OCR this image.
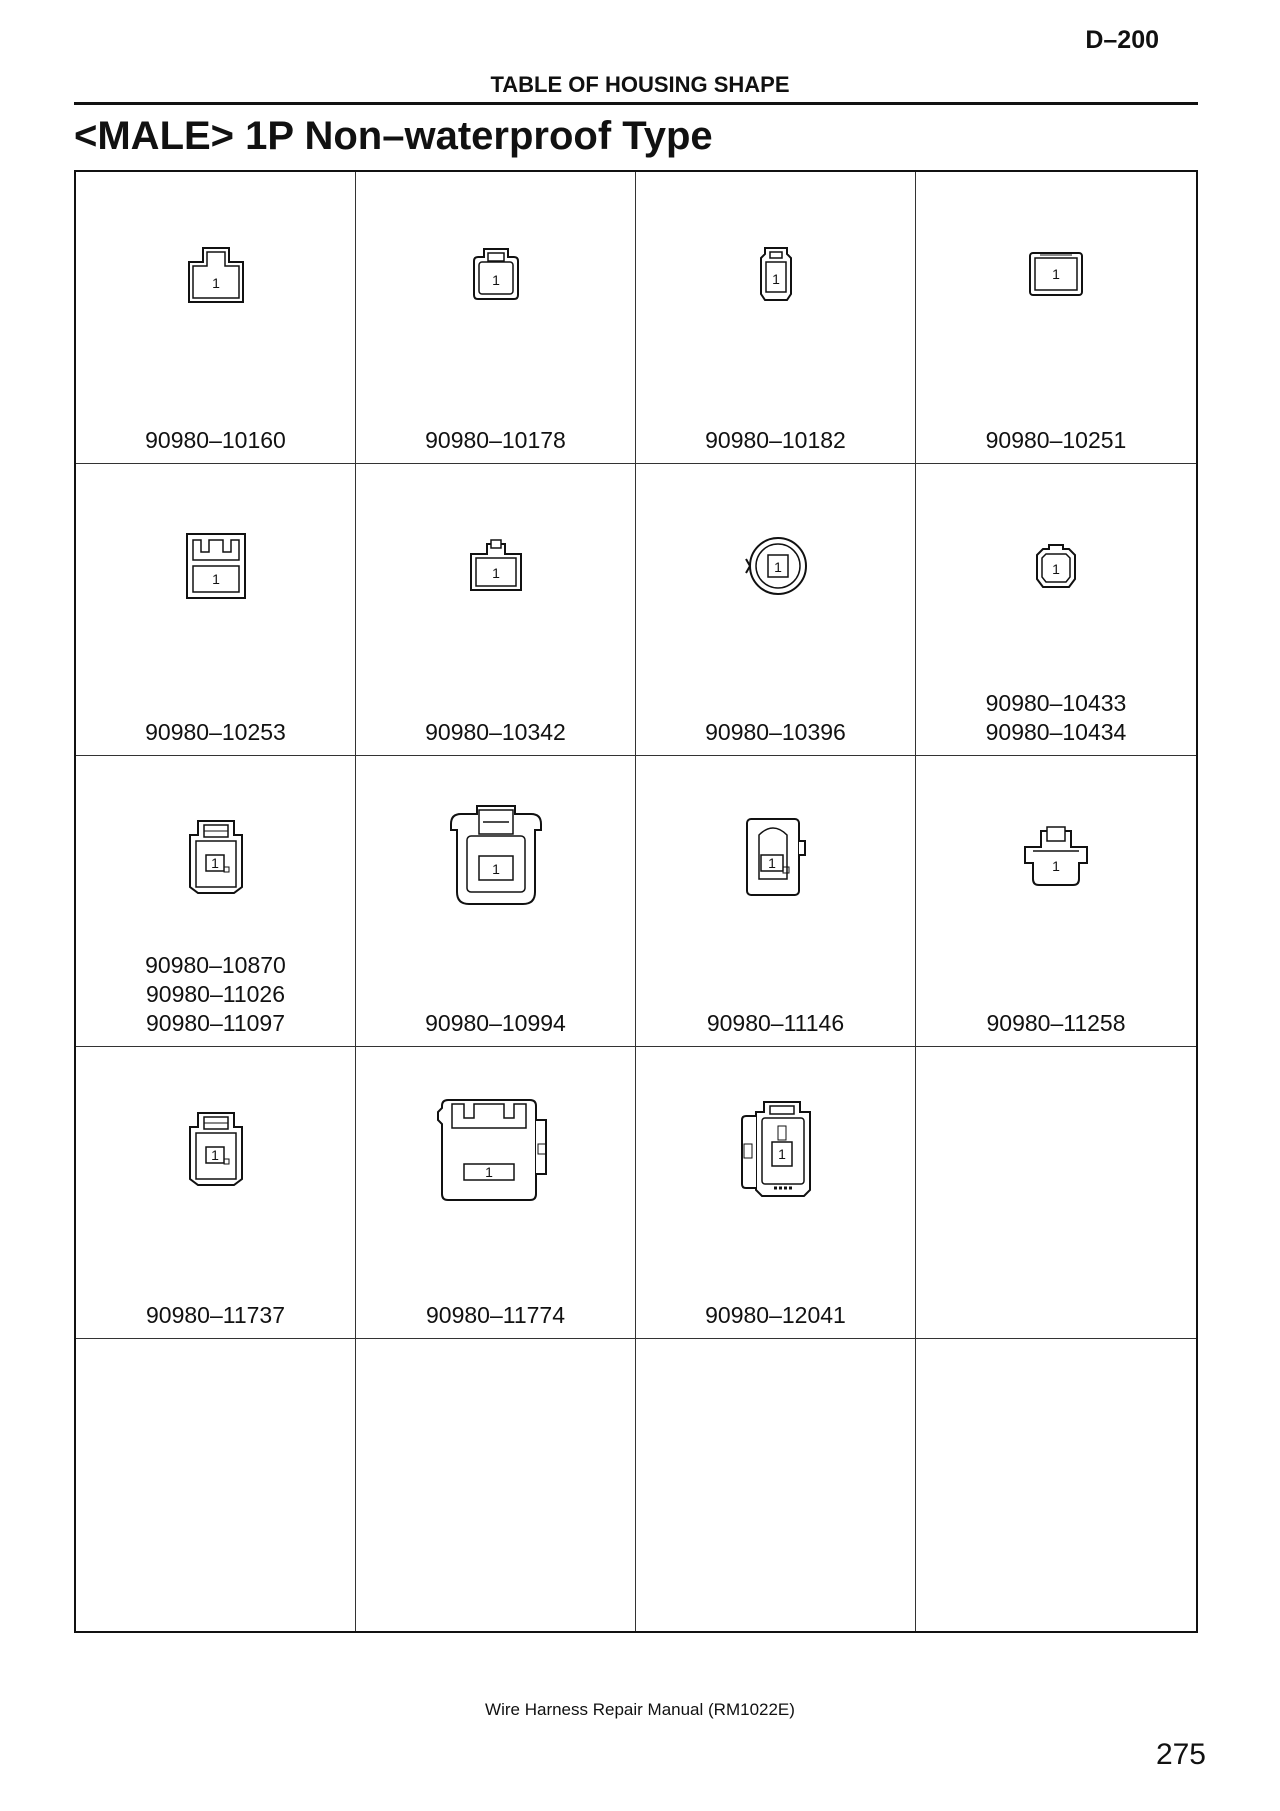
D–200
TABLE OF HOUSING SHAPE
<MALE> 1P Non–waterproof Type
1
90980–10160
1
90980–10178
1
90980–10182
1
90980–10251
1
90980–10253
1
90980–10342
1
90980–10396
1
90980–10433
90980–10434
1
90980–10870
90980–11026
90980–11097
1
90980–10994
1
90980–11146
1
90980–11258
1
90980–11737
1
90980–11774
1
90980–12041
Wire Harness Repair Manual (RM1022E)
275
